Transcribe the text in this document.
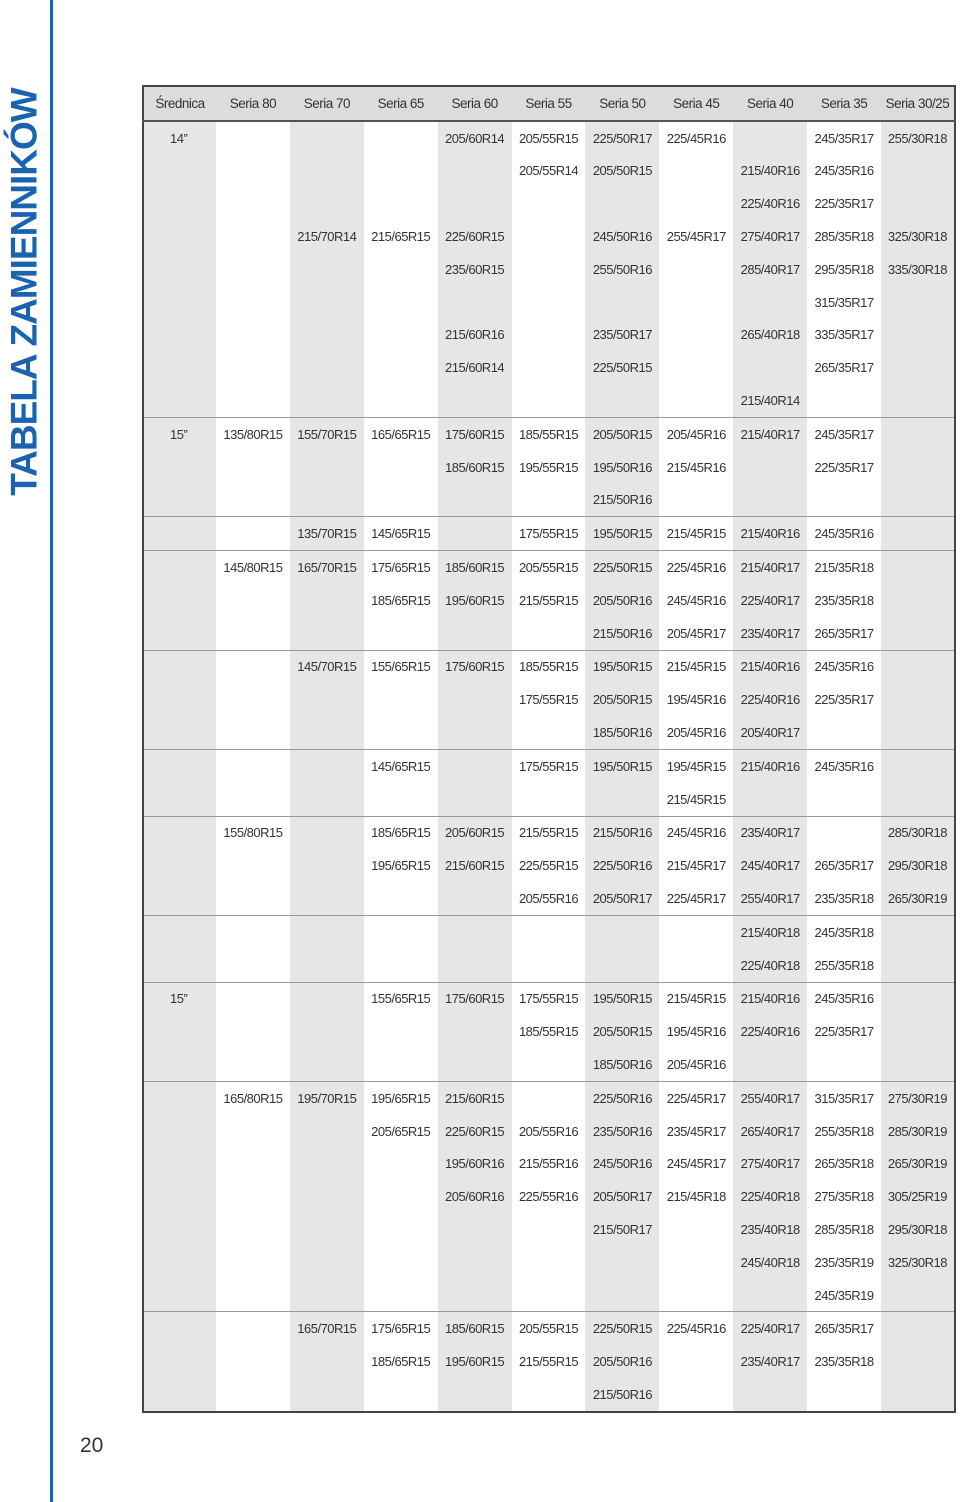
TABELA ZAMIENNIKÓW	Średnica	Seria 80	Seria 70	Seria 65	Seria 60	Seria 55	Seria 50	Seria 45	Seria 40	Seria 35	Seria 30/25
14”				205/60R14	205/55R15	225/50R17	225/45R16		245/35R17	255/30R18
					205/55R14	205/50R15		215/40R16	245/35R16	
								225/40R16	225/35R17	
		215/70R14	215/65R15	225/60R15		245/50R16	255/45R17	275/40R17	285/35R18	325/30R18
				235/60R15		255/50R16		285/40R17	295/35R18	335/30R18
									315/35R17	
				215/60R16		235/50R17		265/40R18	335/35R17	
				215/60R14		225/50R15			265/35R17	
								215/40R14		
15”	135/80R15	155/70R15	165/65R15	175/60R15	185/55R15	205/50R15	205/45R16	215/40R17	245/35R17	
				185/60R15	195/55R15	195/50R16	215/45R16		225/35R17	
						215/50R16				
		135/70R15	145/65R15		175/55R15	195/50R15	215/45R15	215/40R16	245/35R16	
	145/80R15	165/70R15	175/65R15	185/60R15	205/55R15	225/50R15	225/45R16	215/40R17	215/35R18	
			185/65R15	195/60R15	215/55R15	205/50R16	245/45R16	225/40R17	235/35R18	
						215/50R16	205/45R17	235/40R17	265/35R17	
		145/70R15	155/65R15	175/60R15	185/55R15	195/50R15	215/45R15	215/40R16	245/35R16	
					175/55R15	205/50R15	195/45R16	225/40R16	225/35R17	
						185/50R16	205/45R16	205/40R17		
			145/65R15		175/55R15	195/50R15	195/45R15	215/40R16	245/35R16	
							215/45R15			
	155/80R15		185/65R15	205/60R15	215/55R15	215/50R16	245/45R16	235/40R17		285/30R18
			195/65R15	215/60R15	225/55R15	225/50R16	215/45R17	245/40R17	265/35R17	295/30R18
					205/55R16	205/50R17	225/45R17	255/40R17	235/35R18	265/30R19
								215/40R18	245/35R18	
								225/40R18	255/35R18	
15”			155/65R15	175/60R15	175/55R15	195/50R15	215/45R15	215/40R16	245/35R16	
					185/55R15	205/50R15	195/45R16	225/40R16	225/35R17	
						185/50R16	205/45R16			
	165/80R15	195/70R15	195/65R15	215/60R15		225/50R16	225/45R17	255/40R17	315/35R17	275/30R19
			205/65R15	225/60R15	205/55R16	235/50R16	235/45R17	265/40R17	255/35R18	285/30R19
				195/60R16	215/55R16	245/50R16	245/45R17	275/40R17	265/35R18	265/30R19
				205/60R16	225/55R16	205/50R17	215/45R18	225/40R18	275/35R18	305/25R19
						215/50R17		235/40R18	285/35R18	295/30R18
								245/40R18	235/35R19	325/30R18
									245/35R19	
		165/70R15	175/65R15	185/60R15	205/55R15	225/50R15	225/45R16	225/40R17	265/35R17	
			185/65R15	195/60R15	215/55R15	205/50R16		235/40R17	235/35R18	
						215/50R16				
20
